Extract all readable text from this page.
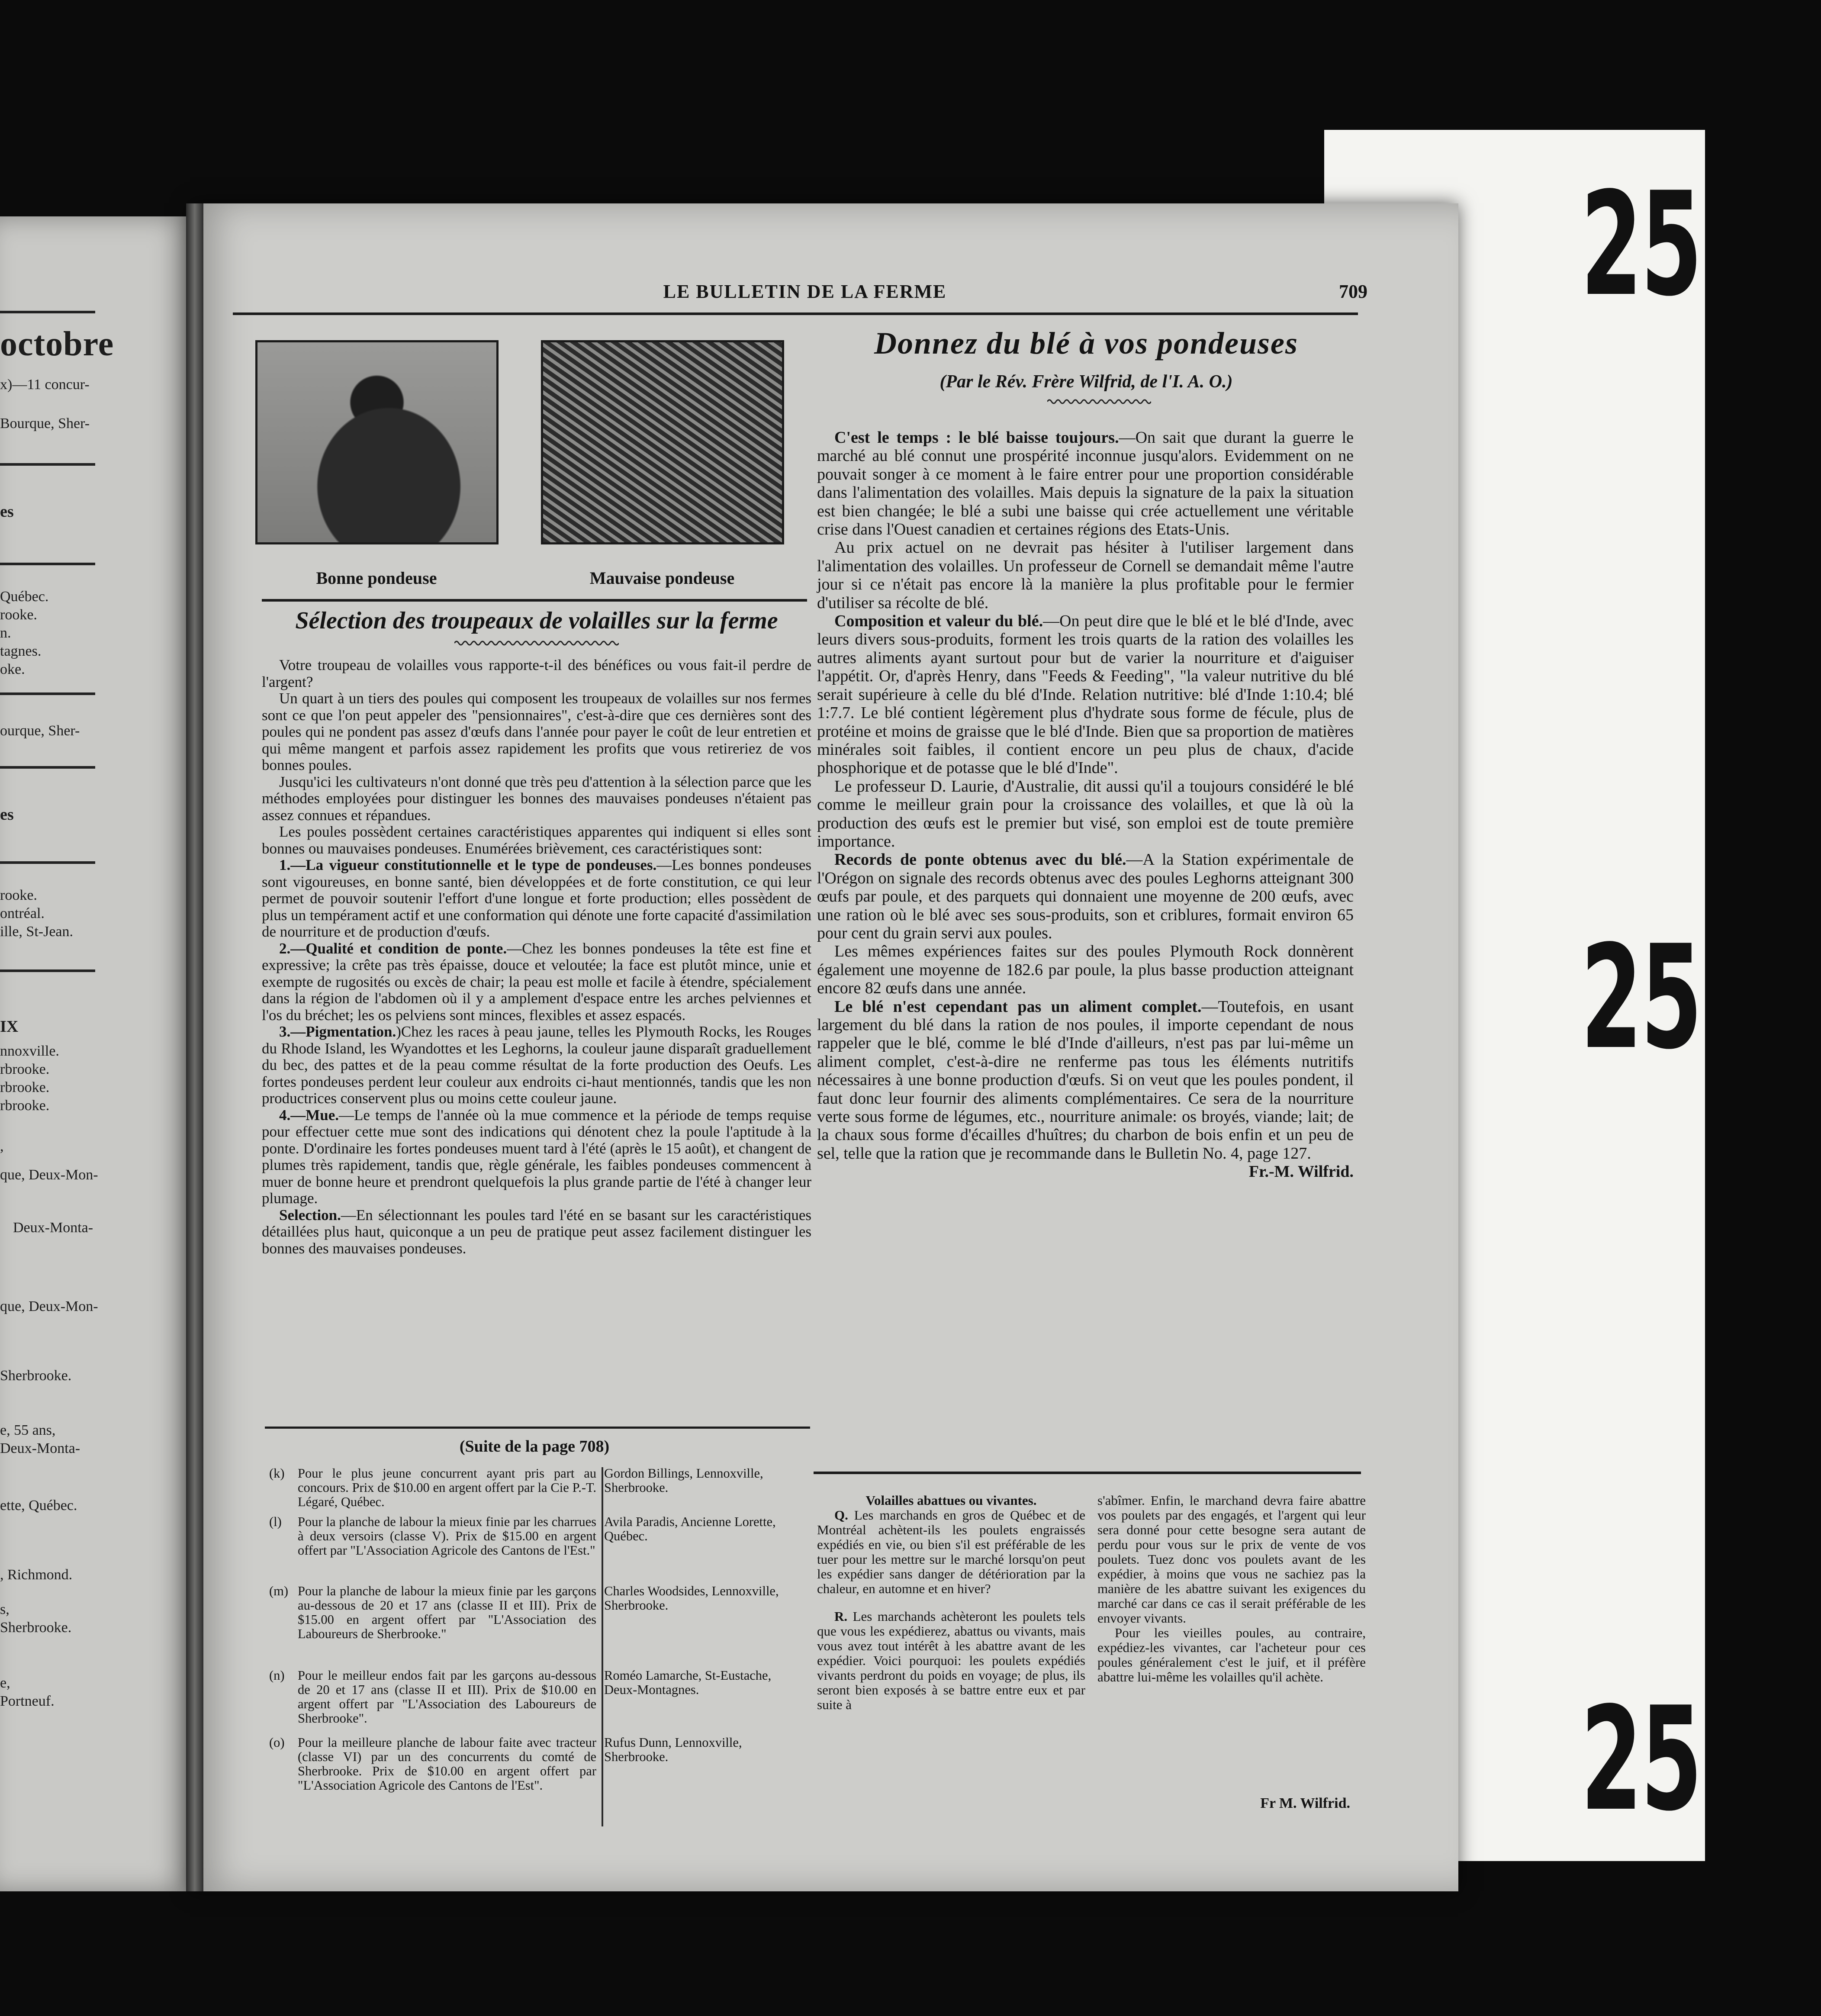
25
25
25
octobre
x)—11 concur-
Bourque, Sher-
es
Québec.
rooke.
n.
tagnes.
oke.
ourque, Sher-
es
rooke.
ontréal.
ille, St-Jean.
IX
nnoxville.
rbrooke.
rbrooke.
rbrooke.
,
que, Deux-Mon-
Deux-Monta-
que, Deux-Mon-
Sherbrooke.
e, 55 ans,
Deux-Monta-
ette, Québec.
, Richmond.
s,
Sherbrooke.
e,
Portneuf.
LE BULLETIN DE LA FERME	709
Bonne pondeuse	Mauvaise pondeuse
Sélection des troupeaux de volailles sur la ferme

Votre troupeau de volailles vous rapporte-t-il des bénéfices ou vous fait-il perdre de l'argent?

Un quart à un tiers des poules qui composent les troupeaux de volailles sur nos fermes sont ce que l'on peut appeler des "pensionnaires", c'est-à-dire que ces dernières sont des poules qui ne pondent pas assez d'œufs dans l'année pour payer le coût de leur entretien et qui même mangent et parfois assez rapidement les profits que vous retireriez de vos bonnes poules.

Jusqu'ici les cultivateurs n'ont donné que très peu d'attention à la sélection parce que les méthodes employées pour distinguer les bonnes des mauvaises pondeuses n'étaient pas assez connues et répandues.

Les poules possèdent certaines caractéristiques apparentes qui indiquent si elles sont bonnes ou mauvaises pondeuses. Enumérées brièvement, ces caractéristiques sont:

1.—La vigueur constitutionnelle et le type de pondeuses.—Les bonnes pondeuses sont vigoureuses, en bonne santé, bien développées et de forte constitution, ce qui leur permet de pouvoir soutenir l'effort d'une longue et forte production; elles possèdent de plus un tempérament actif et une conformation qui dénote une forte capacité d'assimilation de nourriture et de production d'œufs.

2.—Qualité et condition de ponte.—Chez les bonnes pondeuses la tête est fine et expressive; la crête pas très épaisse, douce et veloutée; la face est plutôt mince, unie et exempte de rugosités ou excès de chair; la peau est molle et facile à étendre, spécialement dans la région de l'abdomen où il y a amplement d'espace entre les arches pelviennes et l'os du bréchet; les os pelviens sont minces, flexibles et assez espacés.

3.—Pigmentation.)Chez les races à peau jaune, telles les Plymouth Rocks, les Rouges du Rhode Island, les Wyandottes et les Leghorns, la couleur jaune disparaît graduellement du bec, des pattes et de la peau comme résultat de la forte production des Oeufs. Les fortes pondeuses perdent leur couleur aux endroits ci-haut mentionnés, tandis que les non productrices conservent plus ou moins cette couleur jaune.

4.—Mue.—Le temps de l'année où la mue commence et la période de temps requise pour effectuer cette mue sont des indications qui dénotent chez la poule l'aptitude à la ponte. D'ordinaire les fortes pondeuses muent tard à l'été (après le 15 août), et changent de plumes très rapidement, tandis que, règle générale, les faibles pondeuses commencent à muer de bonne heure et prendront quelquefois la plus grande partie de l'été à changer leur plumage.

Selection.—En sélectionnant les poules tard l'été en se basant sur les caractéristiques détaillées plus haut, quiconque a un peu de pratique peut assez facilement distinguer les bonnes des mauvaises pondeuses.

(Suite de la page 708)
(k) Pour le plus jeune concurrent ayant pris part au concours. Prix de $10.00 en argent offert par la Cie P.-T. Légaré, Québec.
Gordon Billings, Lennoxville, Sherbrooke.
(l)	Pour la planche de labour la mieux finie par les charrues à deux versoirs (classe V). Prix de $15.00 en argent offert par "L'Association Agricole des Cantons de l'Est."
Avila Paradis, Ancienne Lorette, Québec.
(m) Pour la planche de labour la mieux finie par les garçons au-dessous de 20 et 17 ans (classe II et III). Prix de $15.00 en argent offert par "L'Association des Laboureurs de Sherbrooke."
Charles Woodsides, Lennoxville, Sherbrooke.
(n) Pour le meilleur endos fait par les garçons au-dessous de 20 et 17 ans (classe II et III). Prix de $10.00 en argent offert par "L'Association des Laboureurs de Sherbrooke".
Roméo Lamarche, St-Eustache, Deux-Montagnes.
(o) Pour la meilleure planche de labour faite avec tracteur (classe VI) par un des concurrents du comté de Sherbrooke. Prix de $10.00 en argent offert par "L'Association Agricole des Cantons de l'Est".
Rufus Dunn, Lennoxville, Sherbrooke.
Donnez du blé à vos pondeuses
(Par le Rév. Frère Wilfrid, de l'I. A. O.)

C'est le temps : le blé baisse toujours.—On sait que durant la guerre le marché au blé connut une prospérité inconnue jusqu'alors. Evidemment on ne pouvait songer à ce moment à le faire entrer pour une proportion considérable dans l'alimentation des volailles. Mais depuis la signature de la paix la situation est bien changée; le blé a subi une baisse qui crée actuellement une véritable crise dans l'Ouest canadien et certaines régions des Etats-Unis.

Au prix actuel on ne devrait pas hésiter à l'utiliser largement dans l'alimentation des volailles. Un professeur de Cornell se demandait même l'autre jour si ce n'était pas encore là la manière la plus profitable pour le fermier d'utiliser sa récolte de blé.

Composition et valeur du blé.—On peut dire que le blé et le blé d'Inde, avec leurs divers sous-produits, forment les trois quarts de la ration des volailles les autres aliments ayant surtout pour but de varier la nourriture et d'aiguiser l'appétit. Or, d'après Henry, dans "Feeds & Feeding", "la valeur nutritive du blé serait supérieure à celle du blé d'Inde. Relation nutritive: blé d'Inde 1:10.4; blé 1:7.7. Le blé contient légèrement plus d'hydrate sous forme de fécule, plus de protéine et moins de graisse que le blé d'Inde. Bien que sa proportion de matières minérales soit faibles, il contient encore un peu plus de chaux, d'acide phosphorique et de potasse que le blé d'Inde".

Le professeur D. Laurie, d'Australie, dit aussi qu'il a toujours considéré le blé comme le meilleur grain pour la croissance des volailles, et que là où la production des œufs est le premier but visé, son emploi est de toute première importance.

Records de ponte obtenus avec du blé.—A la Station expérimentale de l'Orégon on signale des records obtenus avec des poules Leghorns atteignant 300 œufs par poule, et des parquets qui donnaient une moyenne de 200 œufs, avec une ration où le blé avec ses sous-produits, son et criblures, formait environ 65 pour cent du grain servi aux poules.

Les mêmes expériences faites sur des poules Plymouth Rock donnèrent également une moyenne de 182.6 par poule, la plus basse production atteignant encore 82 œufs dans une année.

Le blé n'est cependant pas un aliment complet.—Toutefois, en usant largement du blé dans la ration de nos poules, il importe cependant de nous rappeler que le blé, comme le blé d'Inde d'ailleurs, n'est pas par lui-même un aliment complet, c'est-à-dire ne renferme pas tous les éléments nutritifs nécessaires à une bonne production d'œufs. Si on veut que les poules pondent, il faut donc leur fournir des aliments complémentaires. Ce sera de la nourriture verte sous forme de légumes, etc., nourriture animale: os broyés, viande; lait; de la chaux sous forme d'écailles d'huîtres; du charbon de bois enfin et un peu de sel, telle que la ration que je recommande dans le Bulletin No. 4, page 127.

Fr.-M. Wilfrid.

Volailles abattues ou vivantes.

Q. Les marchands en gros de Québec et de Montréal achètent-ils les poulets engraissés expédiés en vie, ou bien s'il est préférable de les tuer pour les mettre sur le marché lorsqu'on peut les expédier sans danger de détérioration par la chaleur, en automne et en hiver?

R. Les marchands achèteront les poulets tels que vous les expédierez, abattus ou vivants, mais vous avez tout intérêt à les abattre avant de les expédier. Voici pourquoi: les poulets expédiés vivants perdront du poids en voyage; de plus, ils seront bien exposés à se battre entre eux et par suite à

s'abîmer. Enfin, le marchand devra faire abattre vos poulets par des engagés, et l'argent qui leur sera donné pour cette besogne sera autant de perdu pour vous sur le prix de vente de vos poulets. Tuez donc vos poulets avant de les expédier, à moins que vous ne sachiez pas la manière de les abattre suivant les exigences du marché car dans ce cas il serait préférable de les envoyer vivants.

Pour les vieilles poules, au contraire, expédiez-les vivantes, car l'acheteur pour ces poules généralement c'est le juif, et il préfère abattre lui-même les volailles qu'il achète.

Fr M. Wilfrid.
